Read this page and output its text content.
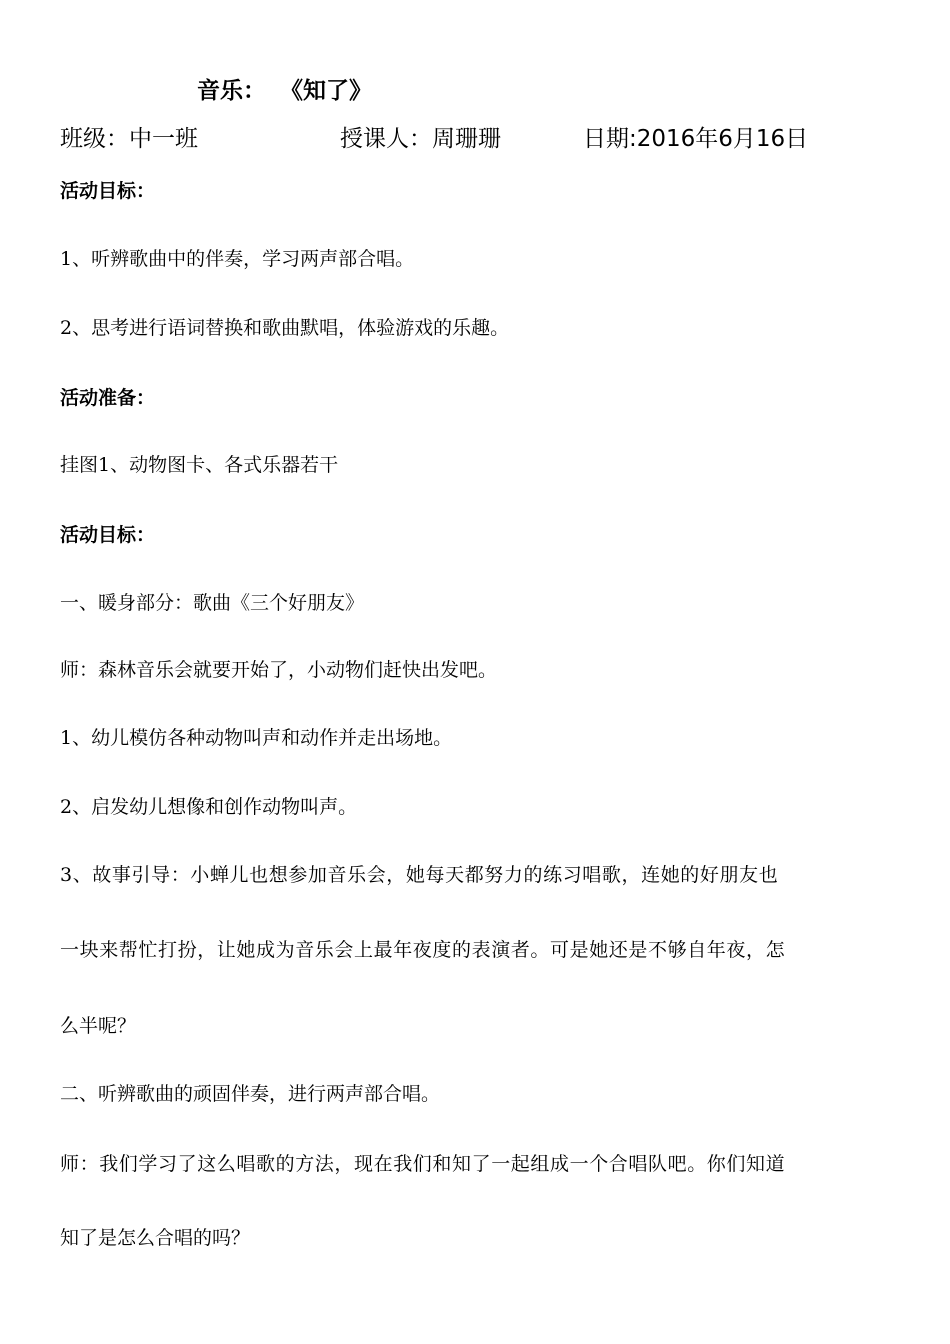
音乐： 《知了》
班级：中一班	授课人：周珊珊	日期:2016年6月16日
活动目标：
1、听辨歌曲中的伴奏，学习两声部合唱。
2、思考进行语词替换和歌曲默唱，体验游戏的乐趣。
活动准备：
挂图1、动物图卡、各式乐器若干
活动目标：
一、暖身部分：歌曲《三个好朋友》
师：森林音乐会就要开始了，小动物们赶快出发吧。
1、幼儿模仿各种动物叫声和动作并走出场地。
2、启发幼儿想像和创作动物叫声。
3、故事引导：小蝉儿也想参加音乐会，她每天都努力的练习唱歌，连她的好朋友也
一块来帮忙打扮，让她成为音乐会上最年夜度的表演者。可是她还是不够自年夜，怎
么半呢？
二、听辨歌曲的顽固伴奏，进行两声部合唱。
师：我们学习了这么唱歌的方法，现在我们和知了一起组成一个合唱队吧。你们知道
知了是怎么合唱的吗？
